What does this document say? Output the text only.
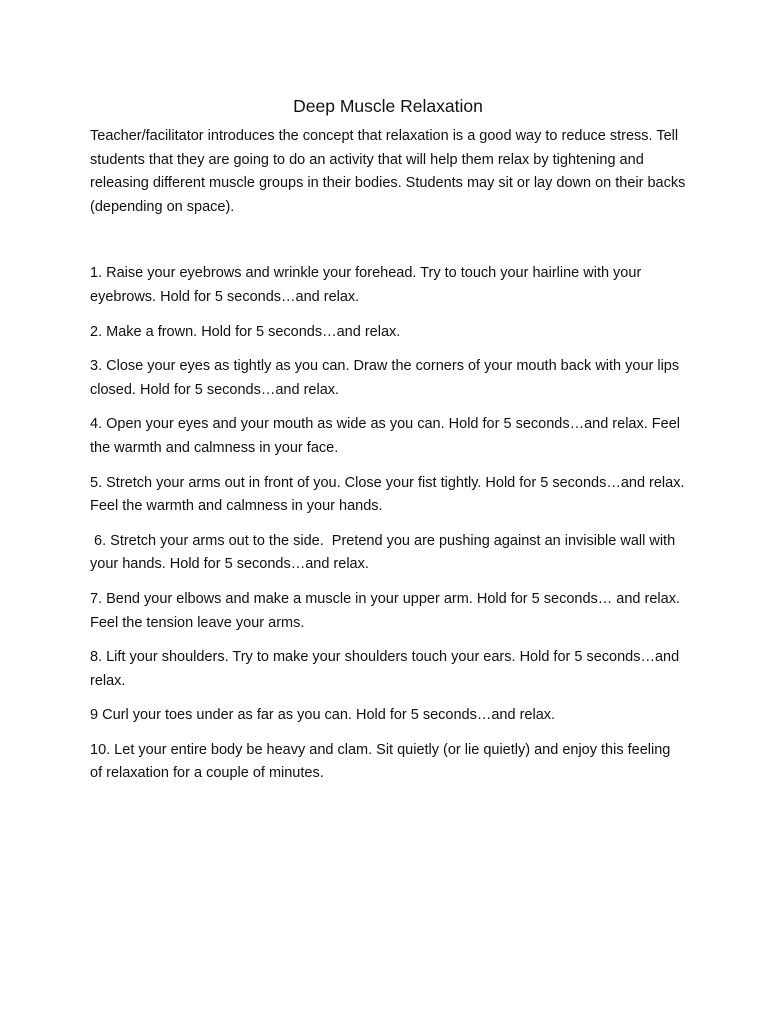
Deep Muscle Relaxation

Teacher/facilitator introduces the concept that relaxation is a good way to reduce stress. Tell students that they are going to do an activity that will help them relax by tightening and releasing different muscle groups in their bodies. Students may sit or lay down on their backs (depending on space).

1. Raise your eyebrows and wrinkle your forehead. Try to touch your hairline with your eyebrows. Hold for 5 seconds…and relax.

2. Make a frown. Hold for 5 seconds…and relax.

3. Close your eyes as tightly as you can. Draw the corners of your mouth back with your lips closed. Hold for 5 seconds…and relax.

4. Open your eyes and your mouth as wide as you can. Hold for 5 seconds…and relax. Feel the warmth and calmness in your face.

5. Stretch your arms out in front of you. Close your fist tightly. Hold for 5 seconds…and relax. Feel the warmth and calmness in your hands.

6. Stretch your arms out to the side.  Pretend you are pushing against an invisible wall with your hands. Hold for 5 seconds…and relax.

7. Bend your elbows and make a muscle in your upper arm. Hold for 5 seconds… and relax. Feel the tension leave your arms.

8. Lift your shoulders. Try to make your shoulders touch your ears. Hold for 5 seconds…and relax.

9 Curl your toes under as far as you can. Hold for 5 seconds…and relax.

10. Let your entire body be heavy and clam. Sit quietly (or lie quietly) and enjoy this feeling of relaxation for a couple of minutes.
